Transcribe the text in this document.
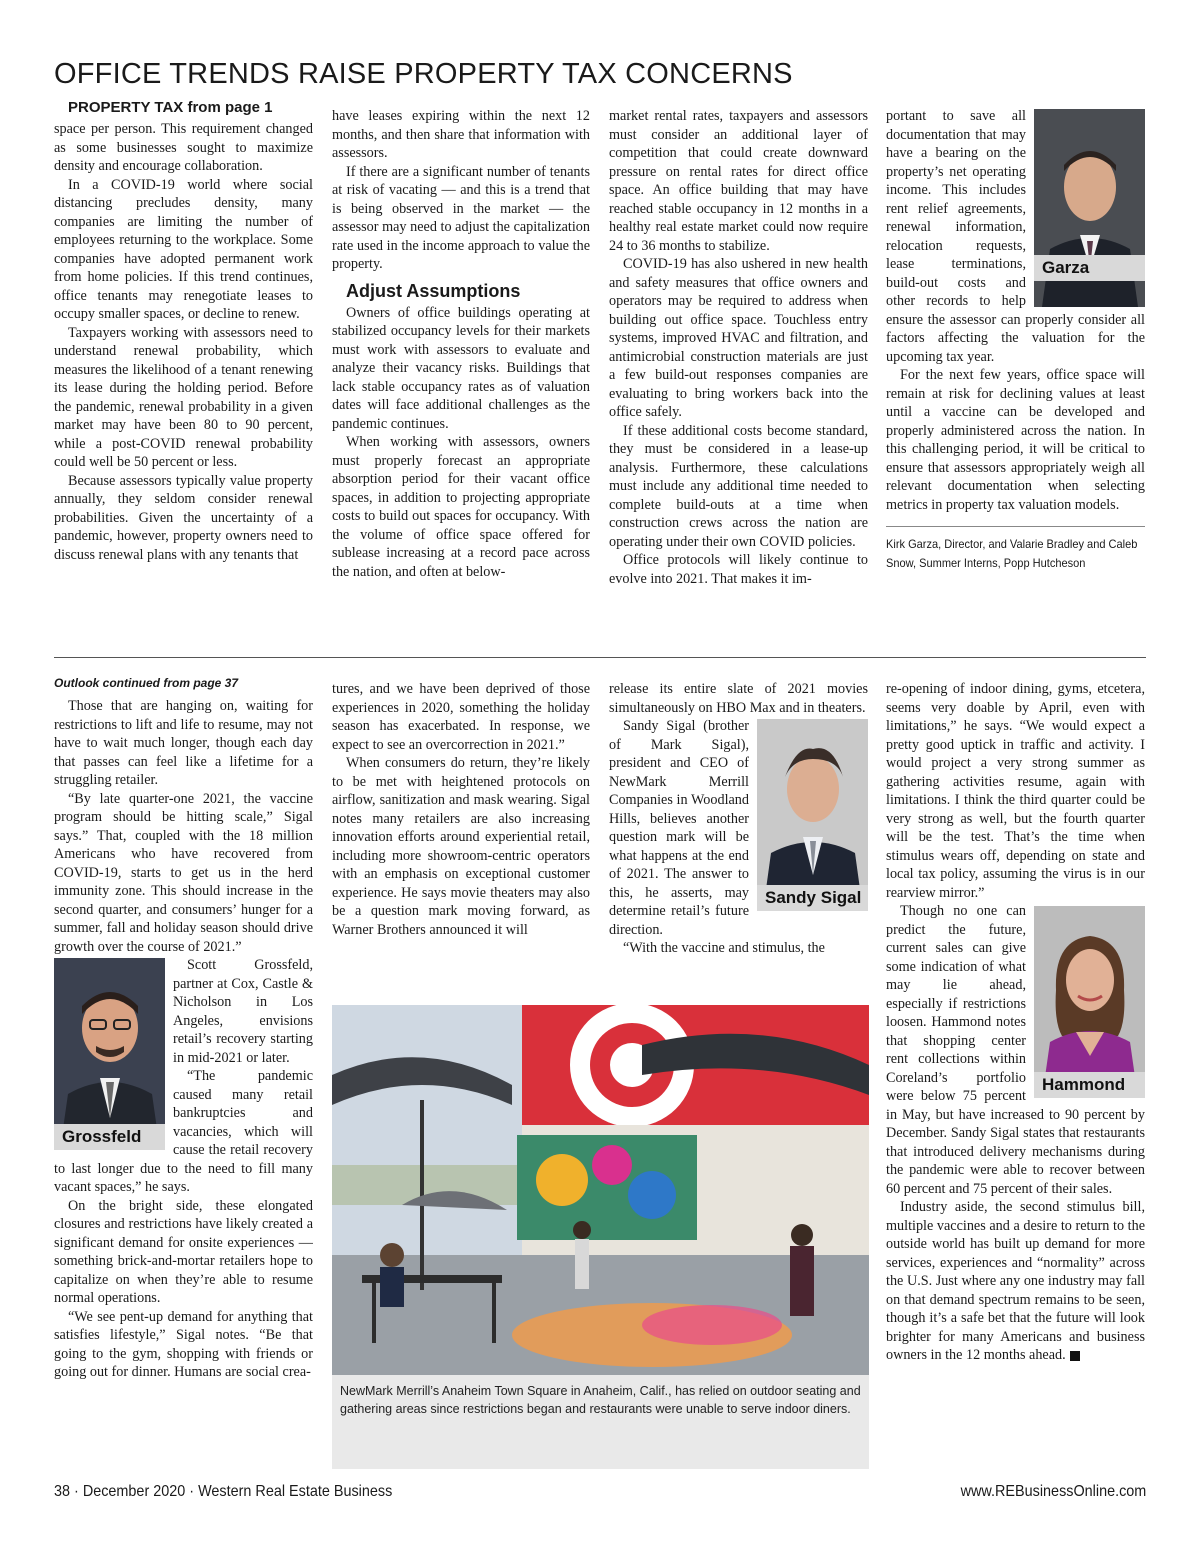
OFFICE TRENDS RAISE PROPERTY TAX CONCERNS

PROPERTY TAX from page 1

space per person. This requirement changed as some businesses sought to maximize density and encourage collaboration.

In a COVID-19 world where social distancing precludes density, many companies are limiting the number of employees returning to the workplace. Some companies have adopted permanent work from home policies. If this trend continues, office tenants may renegotiate leases to occupy smaller spaces, or decline to renew.

Taxpayers working with assessors need to understand renewal probability, which measures the likelihood of a tenant renewing its lease during the holding period. Before the pandemic, renewal probability in a given market may have been 80 to 90 percent, while a post-COVID renewal probability could well be 50 percent or less.

Because assessors typically value property annually, they seldom consider renewal probabilities. Given the uncertainty of a pandemic, however, property owners need to discuss renewal plans with any tenants that

have leases expiring within the next 12 months, and then share that information with assessors.

If there are a significant number of tenants at risk of vacating — and this is a trend that is being observed in the market — the assessor may need to adjust the capitalization rate used in the income approach to value the property.

Adjust Assumptions

Owners of office buildings operating at stabilized occupancy levels for their markets must work with assessors to evaluate and analyze their vacancy risks. Buildings that lack stable occupancy rates as of valuation dates will face additional challenges as the pandemic continues.

When working with assessors, owners must properly forecast an appropriate absorption period for their vacant office spaces, in addition to projecting appropriate costs to build out spaces for occupancy. With the volume of office space offered for sublease increasing at a record pace across the nation, and often at below-

market rental rates, taxpayers and assessors must consider an additional layer of competition that could create downward pressure on rental rates for direct office space. An office building that may have reached stable occupancy in 12 months in a healthy real estate market could now require 24 to 36 months to stabilize.

COVID-19 has also ushered in new health and safety measures that office owners and operators may be required to address when building out office space. Touchless entry systems, improved HVAC and filtration, and antimicrobial construction materials are just a few build-out responses companies are evaluating to bring workers back into the office safely.

If these additional costs become standard, they must be considered in a lease-up analysis. Furthermore, these calculations must include any additional time needed to complete build-outs at a time when construction crews across the nation are operating under their own COVID policies.

Office protocols will likely continue to evolve into 2021. That makes it im-

Garza

portant to save all documentation that may have a bearing on the property’s net operating income. This includes rent relief agreements, renewal information, relocation requests, lease terminations, build-out costs and other records to help ensure the assessor can properly consider all factors affecting the valuation for the upcoming tax year.

For the next few years, office space will remain at risk for declining values at least until a vaccine can be developed and properly administered across the nation. In this challenging period, it will be critical to ensure that assessors appropriately weigh all relevant documentation when selecting metrics in property tax valuation models.

Kirk Garza, Director, and Valarie Bradley and Caleb Snow, Summer Interns, Popp Hutcheson

Outlook continued from page 37

Those that are hanging on, waiting for restrictions to lift and life to resume, may not have to wait much longer, though each day that passes can feel like a lifetime for a struggling retailer.

“By late quarter-one 2021, the vaccine program should be hitting scale,” Sigal says.” That, coupled with the 18 million Americans who have recovered from COVID-19, starts to get us in the herd immunity zone. This should increase in the second quarter, and consumers’ hunger for a summer, fall and holiday season should drive growth over the course of 2021.”

Grossfeld

Scott Grossfeld, partner at Cox, Castle & Nicholson in Los Angeles, envisions retail’s recovery starting in mid-2021 or later.

“The pandemic caused many retail bankruptcies and vacancies, which will cause the retail recovery to last longer due to the need to fill many vacant spaces,” he says.

On the bright side, these elongated closures and restrictions have likely created a significant demand for onsite experiences — something brick-and-mortar retailers hope to capitalize on when they’re able to resume normal operations.

“We see pent-up demand for anything that satisfies lifestyle,” Sigal notes. “Be that going to the gym, shopping with friends or going out for dinner. Humans are social crea-

tures, and we have been deprived of those experiences in 2020, something the holiday season has exacerbated. In response, we expect to see an overcorrection in 2021.”

When consumers do return, they’re likely to be met with heightened protocols on airflow, sanitization and mask wearing. Sigal notes many retailers are also increasing innovation efforts around experiential retail, including more showroom-centric operators with an emphasis on exceptional customer experience. He says movie theaters may also be a question mark moving forward, as Warner Brothers announced it will

release its entire slate of 2021 movies simultaneously on HBO Max and in theaters.

Sandy Sigal

Sandy Sigal (brother of Mark Sigal), president and CEO of NewMark Merrill Companies in Woodland Hills, believes another question mark will be what happens at the end of 2021. The answer to this, he asserts, may determine retail’s future direction.

“With the vaccine and stimulus, the

re-opening of indoor dining, gyms, etcetera, seems very doable by April, even with limitations,” he says. “We would expect a pretty good uptick in traffic and activity. I would project a very strong summer as gathering activities resume, again with limitations. I think the third quarter could be very strong as well, but the fourth quarter will be the test. That’s the time when stimulus wears off, depending on state and local tax policy, assuming the virus is in our rearview mirror.”

Hammond

Though no one can predict the future, current sales can give some indication of what may lie ahead, especially if restrictions loosen. Hammond notes that shopping center rent collections within Coreland’s portfolio were below 75 percent in May, but have increased to 90 percent by December. Sandy Sigal states that restaurants that introduced delivery mechanisms during the pandemic were able to recover between 60 percent and 75 percent of their sales.

Industry aside, the second stimulus bill, multiple vaccines and a desire to return to the outside world has built up demand for more services, experiences and “normality” across the U.S. Just where any one industry may fall on that demand spectrum remains to be seen, though it’s a safe bet that the future will look brighter for many Americans and business owners in the 12 months ahead.

NewMark Merrill’s Anaheim Town Square in Anaheim, Calif., has relied on outdoor seating and gathering areas since restrictions began and restaurants were unable to serve indoor diners.

38 · December 2020 · Western Real Estate Business	www.REBusinessOnline.com
